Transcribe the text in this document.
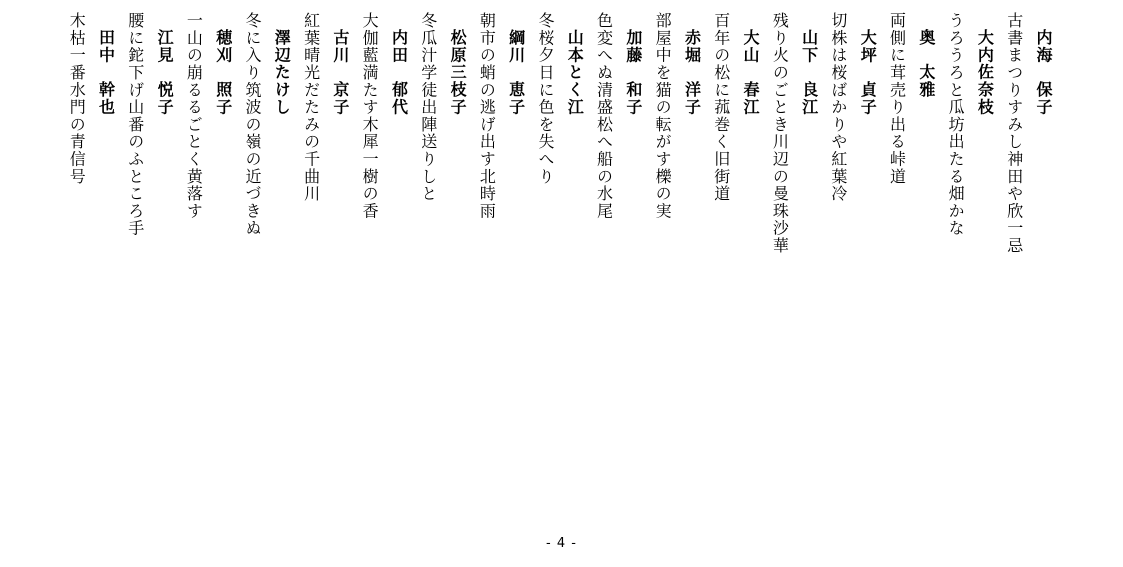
内海　保子
古書まつりすみし神田や欣一忌
大内佐奈枝
うろうろと瓜坊出たる畑かな
奥　太雅
両側に茸売り出る峠道
大坪　貞子
切株は桜ばかりや紅葉冷
山下　良江
残り火のごとき川辺の曼珠沙華
大山　春江
百年の松に菰巻く旧街道
赤堀　洋子
部屋中を猫の転がす櫟の実
加藤　和子
色変へぬ清盛松へ船の水尾
山本とく江
冬桜夕日に色を失へり
綱川　恵子
朝市の蛸の逃げ出す北時雨
松原三枝子
冬瓜汁学徒出陣送りしと
内田　郁代
大伽藍満たす木犀一樹の香
古川　京子
紅葉晴光だたみの千曲川
澤辺たけし
冬に入り筑波の嶺の近づきぬ
穂刈　照子
一山の崩るるごとく黄落す
江見　悦子
腰に鉈下げ山番のふところ手
田中　幹也
木枯一番水門の青信号
- 4 -
